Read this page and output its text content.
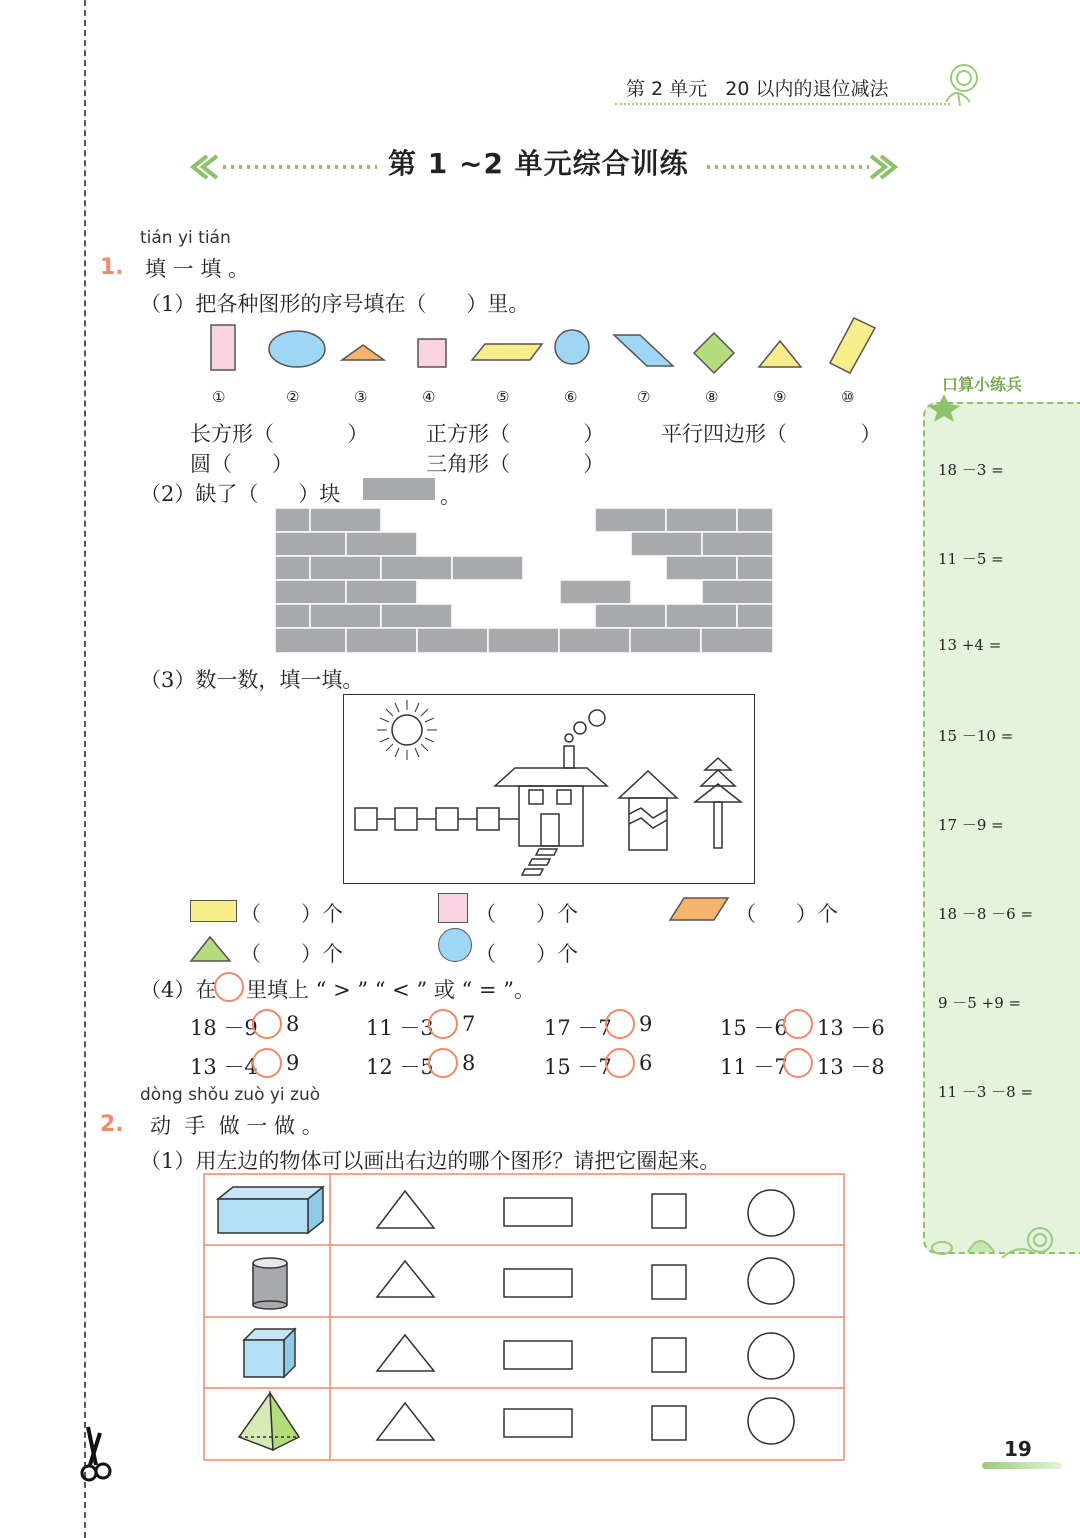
第 2 单元   20 以内的退位减法
第 1 ~2 单元综合训练
tián yi tián
1. 填 一 填 。
（1）把各种图形的序号填在（      ）里。
①	②	③	④	⑤	⑥	⑦	⑧	⑨	⑩
长方形（           ）	正方形（           ）	平行四边形（           ）
圆（      ）	三角形（           ）
（2）缺了（      ）块	。
（3）数一数，填一填。
（      ）个	（      ）个	（      ）个
（      ）个	（      ）个
（4）在 里填上 “ > ” “ < ” 或 “ = ”。
18 －9 8	11 －3 7	17 －7 9	15 －6 13 －6
13 －4 9	12 －5 8	15 －7 6	11 －7 13 －8
dòng shǒu zuò yi zuò
2. 动  手  做 一 做 。
（1）用左边的物体可以画出右边的哪个图形？请把它圈起来。
口算小练兵
18 －3 =
11 －5 =
13 +4 =
15 －10 =
17 －9 =
18 －8 －6 =
9 －5 +9 =
11 －3 －8 =
19
